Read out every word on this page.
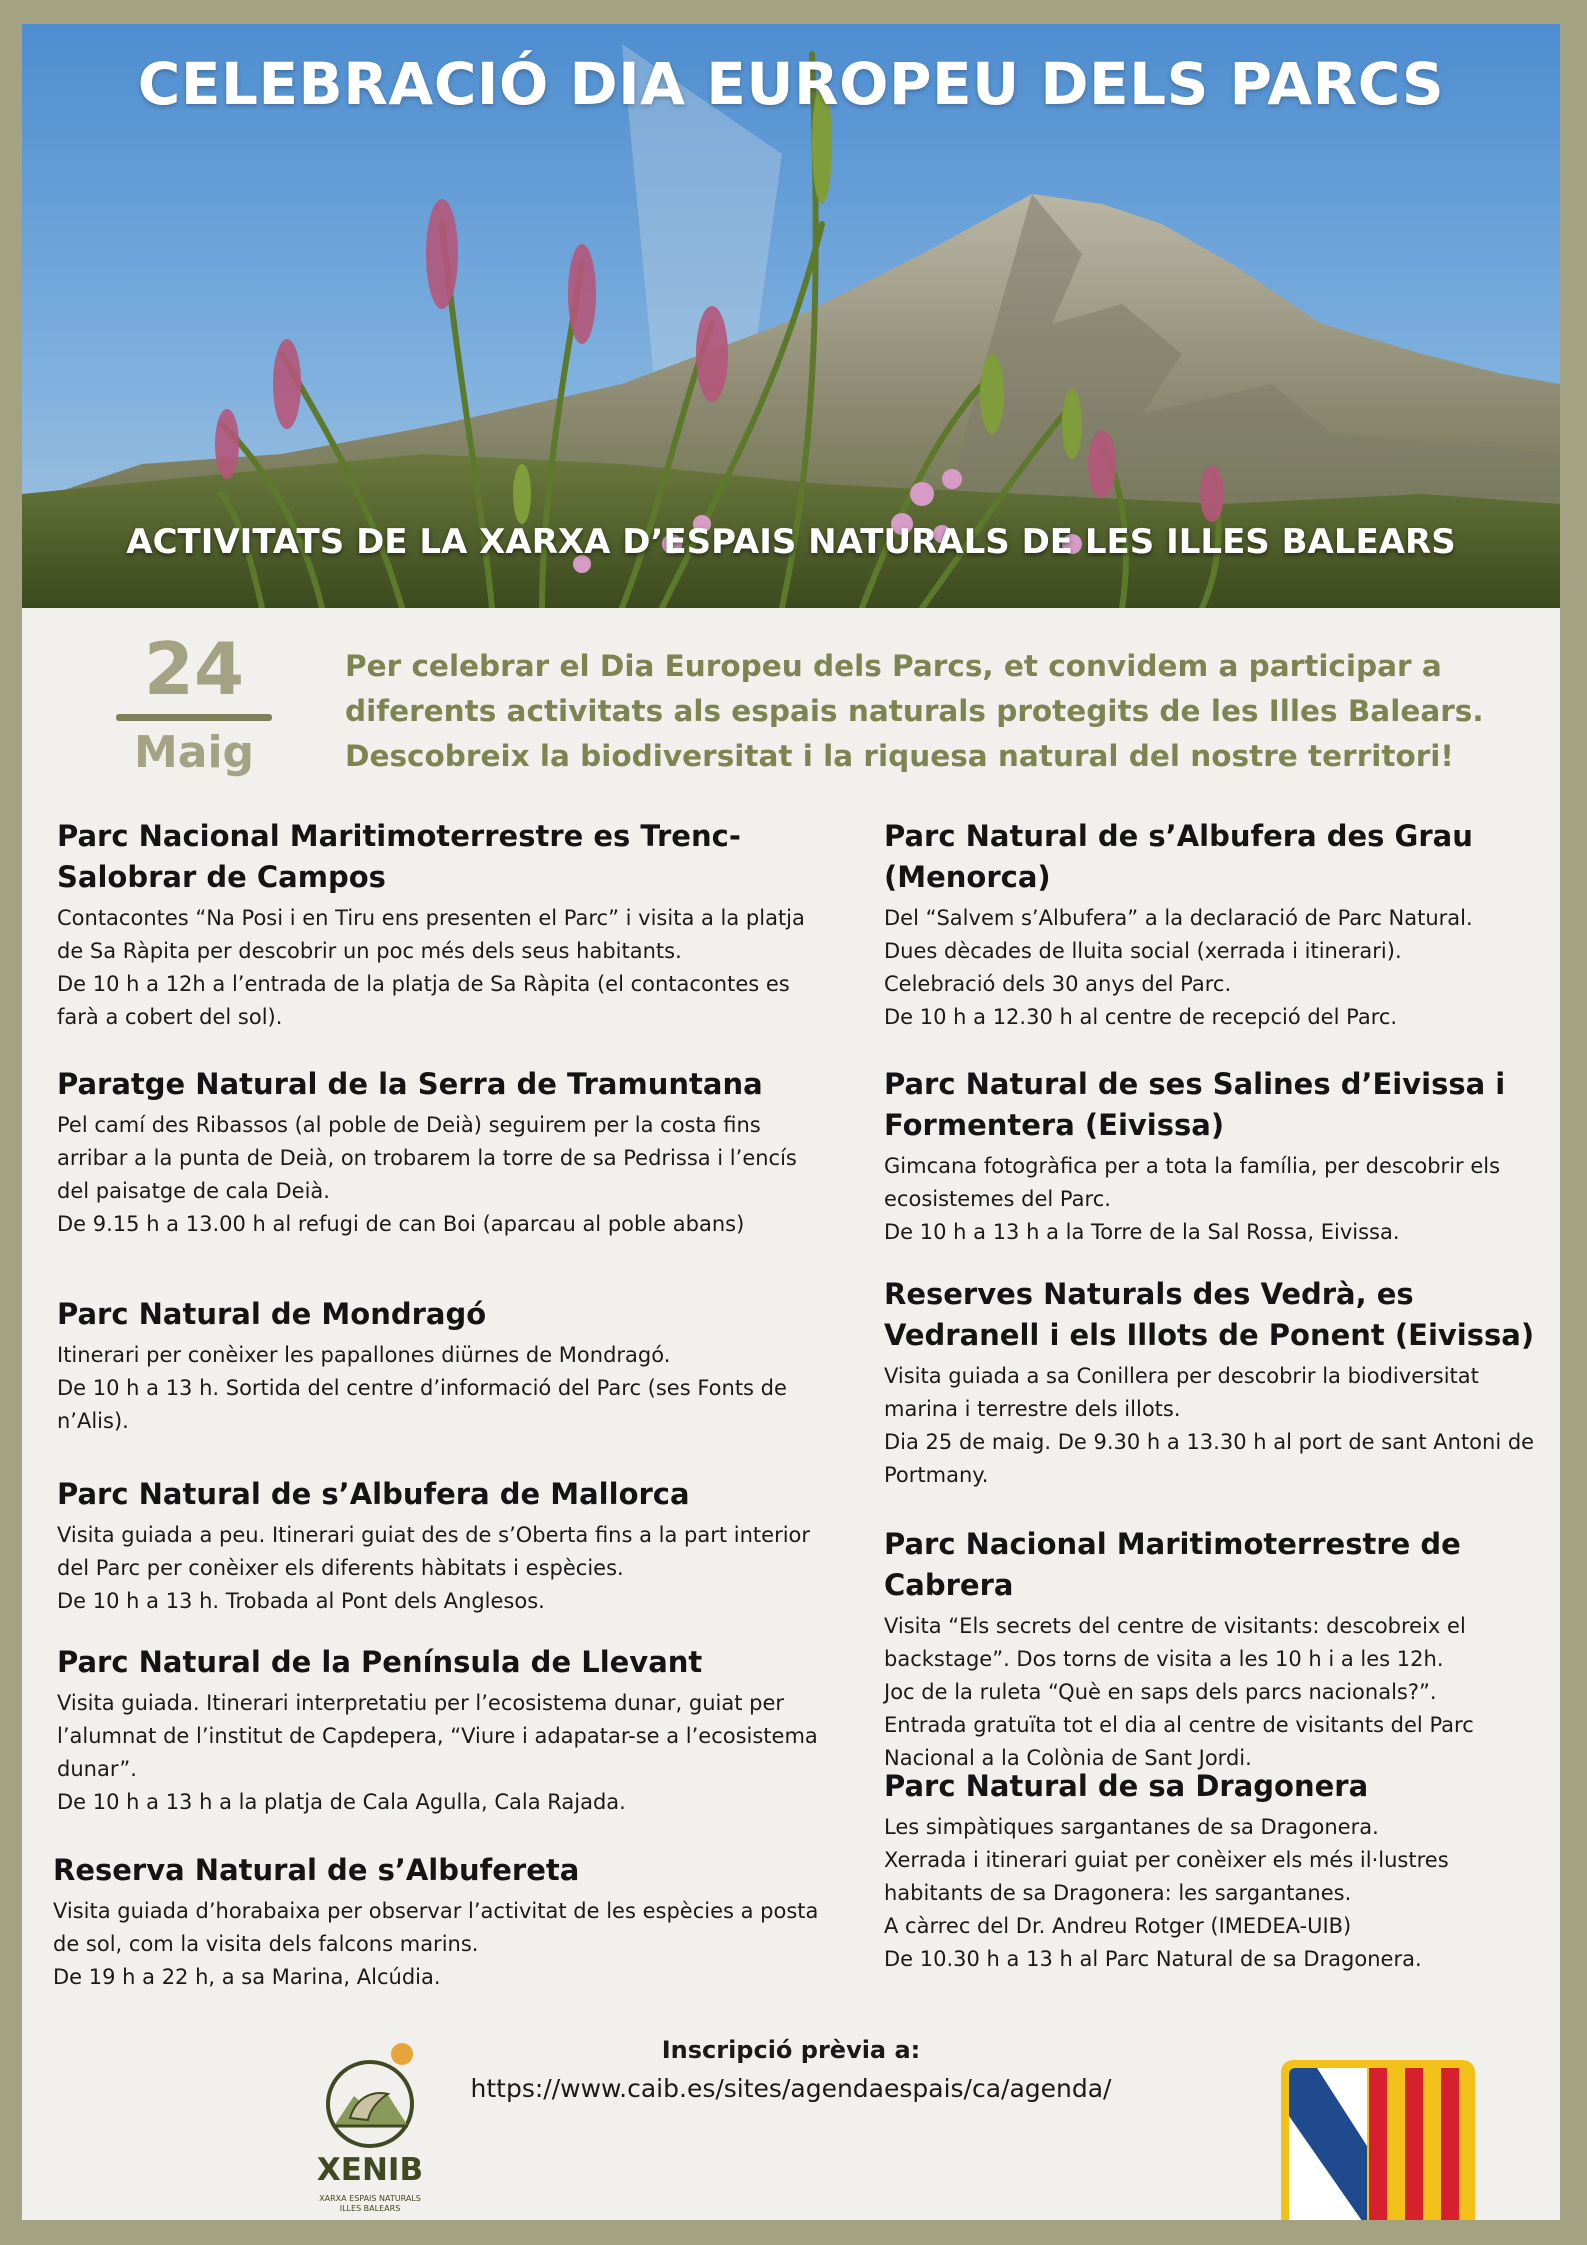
CELEBRACIÓ DIA EUROPEU DELS PARCS
ACTIVITATS DE LA XARXA D’ESPAIS NATURALS DE LES ILLES BALEARS
24
Maig
Per celebrar el Dia Europeu dels Parcs, et convidem a participar a diferents activitats als espais naturals protegits de les Illes Balears. Descobreix la biodiversitat i la riquesa natural del nostre territori!
Parc Nacional Maritimoterrestre es Trenc-Salobrar de Campos
Contacontes “Na Posi i en Tiru ens presenten el Parc” i visita a la platja de Sa Ràpita per descobrir un poc més dels seus habitants.
De 10 h a 12h a l’entrada de la platja de Sa Ràpita (el contacontes es farà a cobert del sol).
Paratge Natural de la Serra de Tramuntana
Pel camí des Ribassos (al poble de Deià) seguirem per la costa fins arribar a la punta de Deià, on trobarem la torre de sa Pedrissa i l’encís del paisatge de cala Deià.
De 9.15 h a 13.00 h al refugi de can Boi (aparcau al poble abans)
Parc Natural de Mondragó
Itinerari per conèixer les papallones diürnes de Mondragó.
De 10 h a 13 h. Sortida del centre d’informació del Parc (ses Fonts de n’Alis).
Parc Natural de s’Albufera de Mallorca
Visita guiada a peu. Itinerari guiat des de s’Oberta fins a la part interior del Parc per conèixer els diferents hàbitats i espècies.
De 10 h a 13 h. Trobada al Pont dels Anglesos.
Parc Natural de la Península de Llevant
Visita guiada. Itinerari interpretatiu per l’ecosistema dunar, guiat per l’alumnat de l’institut de Capdepera, “Viure i adapatar-se a l’ecosistema dunar”.
De 10 h a 13 h a la platja de Cala Agulla, Cala Rajada.
Reserva Natural de s’Albufereta
Visita guiada d’horabaixa per observar l’activitat de les espècies a posta de sol, com la visita dels falcons marins.
De 19 h a 22 h, a sa Marina, Alcúdia.
Parc Natural de s’Albufera des Grau (Menorca)
Del “Salvem s’Albufera” a la declaració de Parc Natural. Dues dècades de lluita social (xerrada i itinerari).
Celebració dels 30 anys del Parc.
De 10 h a 12.30 h al centre de recepció del Parc.
Parc Natural de ses Salines d’Eivissa i Formentera (Eivissa)
Gimcana fotogràfica per a tota la família, per descobrir els ecosistemes del Parc.
De 10 h a 13 h a la Torre de la Sal Rossa, Eivissa.
Reserves Naturals des Vedrà, es Vedranell i els Illots de Ponent (Eivissa)
Visita guiada a sa Conillera per descobrir la biodiversitat marina i terrestre dels illots.
Dia 25 de maig. De 9.30 h a 13.30 h al port de sant Antoni de Portmany.
Parc Nacional Maritimoterrestre de Cabrera
Visita “Els secrets del centre de visitants: descobreix el backstage”. Dos torns de visita a les 10 h i a les 12h.
Joc de la ruleta “Què en saps dels parcs nacionals?”.
Entrada gratuïta tot el dia al centre de visitants del Parc Nacional a la Colònia de Sant Jordi.
Parc Natural de sa Dragonera
Les simpàtiques sargantanes de sa Dragonera.
Xerrada i itinerari guiat per conèixer els més il·lustres habitants de sa Dragonera: les sargantanes.
A càrrec del Dr. Andreu Rotger (IMEDEA-UIB)
De 10.30 h a 13 h al Parc Natural de sa Dragonera.
Inscripció prèvia a:
https://www.caib.es/sites/agendaespais/ca/agenda/
XENIB
XARXA ESPAIS NATURALS
ILLES BALEARS
